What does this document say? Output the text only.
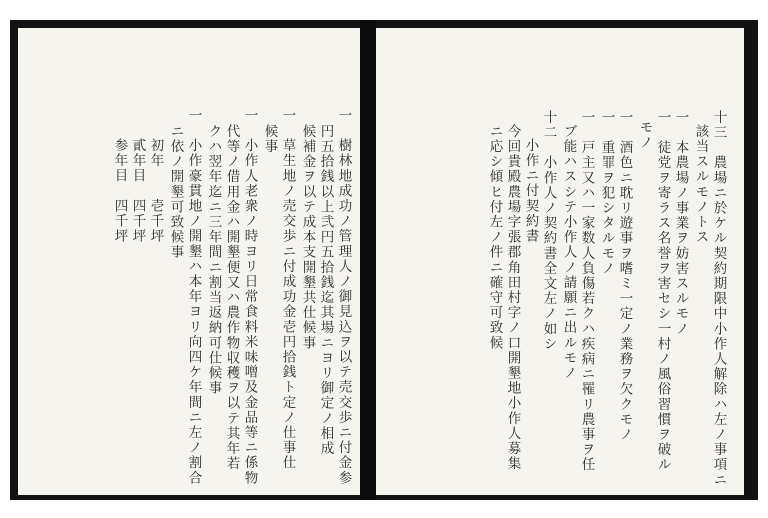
十三　農場ニ於ケル契約期限中小作人解除ハ左ノ事項ニ
該当スルモノトス
一　本農場ノ事業ヲ妨害スルモノ
一　徒党ヲ寄ラス名誉ヲ害セシ一村ノ風俗習慣ヲ破ル
モノ
一　酒色ニ耽リ遊事ヲ嗜ミ一定ノ業務ヲ欠クモノ
一　重罪ヲ犯シタルモノ
一　戸主又ハ一家数人負傷若クハ疾病ニ罹リ農事ヲ任
ブ能ハスシテ小作人ノ請願ニ出ルモノ
十二　小作人ノ契約書全文左ノ如シ
小作ニ付契約書
今回貴殿農場字張郡角田村字ノ口開墾地小作人募集
ニ応シ傾ヒ付左ノ件ニ確守可致候
一　樹林地成功ノ管理人ノ御見込ヲ以テ売交歩ニ付金参
円五拾銭以上弐円五拾銭迄其場ニヨリ御定ノ相成
候補金ヲ以テ成本支開墾共仕候事
一　草生地ノ売交歩ニ付成功金壱円拾銭ト定ノ仕事仕
候事
一　小作人老衆ノ時ヨリ日常食料米味噌及金品等ニ係物
代等ノ借用金ハ開墾便又ハ農作物収穫ヲ以テ其年若
クハ翌年迄ニ三年間ニ割当返納可仕候事
一　小作豪貫地ノ開墾ハ本年ヨリ向四ケ年間ニ左ノ割合
ニ依ノ開墾可致候事
初年　　壱千坪
貳年目　四千坪
参年目　四千坪
